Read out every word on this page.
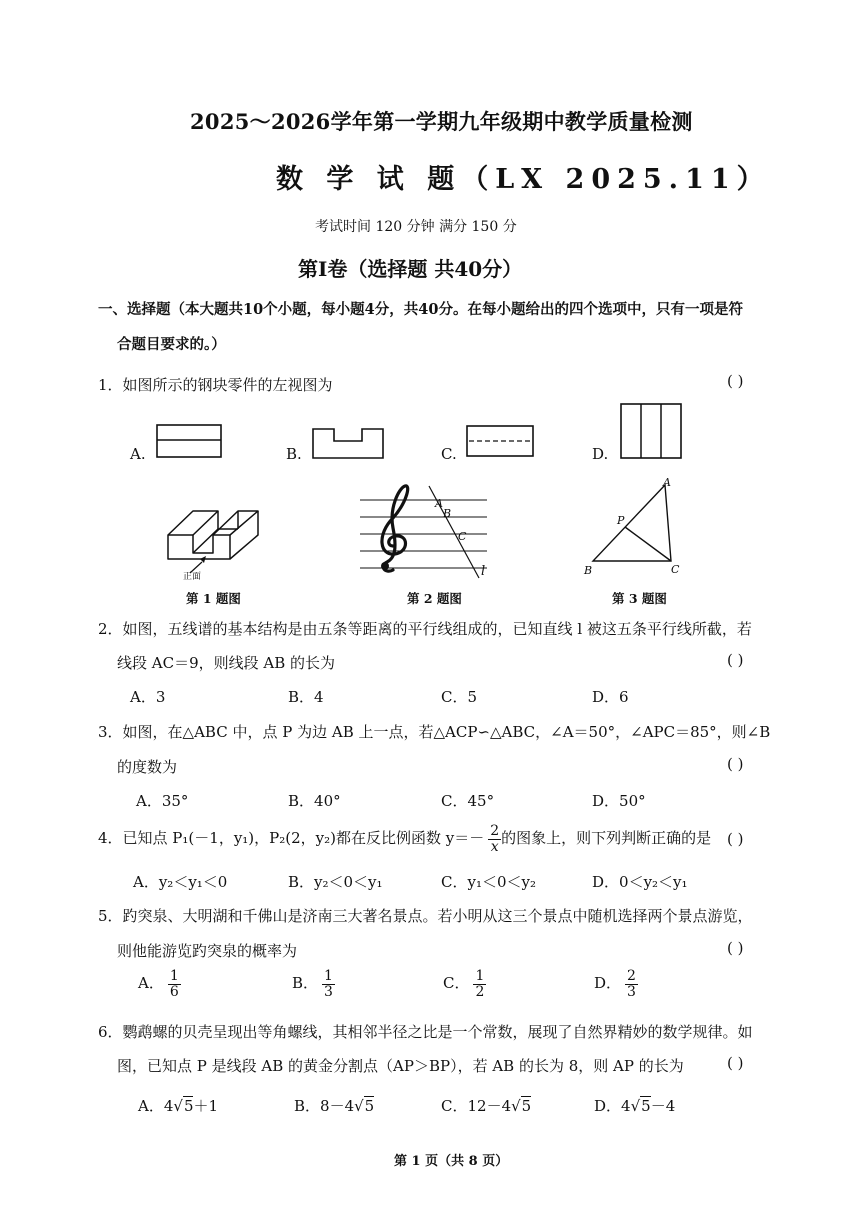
2025～2026学年第一学期九年级期中教学质量检测
数 学 试 题（LX 2025.11）
考试时间 120 分钟 满分 150 分
第Ⅰ卷（选择题 共40分）
一、选择题（本大题共10个小题，每小题4分，共40分。在每小题给出的四个选项中，只有一项是符
合题目要求的。）
1．如图所示的钢块零件的左视图为	( )
A.	B.	C.	D.
正面
第 1 题图
A
B
C
l
第 2 题图
A
P
B	C
第 3 题图
2．如图，五线谱的基本结构是由五条等距离的平行线组成的，已知直线 l 被这五条平行线所截，若
线段 AC＝9，则线段 AB 的长为	( )
A．3	B．4	C．5	D．6
3．如图，在△ABC 中，点 P 为边 AB 上一点，若△ACP∽△ABC，∠A＝50°，∠APC＝85°，则∠B
的度数为	( )
A．35°	B．40°	C．45°	D．50°
4．已知点 P₁(－1，y₁)，P₂(2，y₂)都在反比例函数 $y=- \frac{2}{x}$ 的图象上，则下列判断正确的是 ( )
A．y₂＜y₁＜0	B．y₂＜0＜y₁	C．y₁＜0＜y₂	D．0＜y₂＜y₁
5．趵突泉、大明湖和千佛山是济南三大著名景点。若小明从这三个景点中随机选择两个景点游览，
则他能游览趵突泉的概率为	( )
A． $\frac{1}{6}$	B． $\frac{1}{3}$	C． $\frac{1}{2}$	D． $\frac{2}{3}$
6．鹦鹉螺的贝壳呈现出等角螺线，其相邻半径之比是一个常数，展现了自然界精妙的数学规律。如
图，已知点 P 是线段 AB 的黄金分割点（AP＞BP），若 AB 的长为 8，则 AP 的长为	( )
A．4√5＋1	B．8－4√5	C．12－4√5	D．4√5－4
第 1 页（共 8 页）
